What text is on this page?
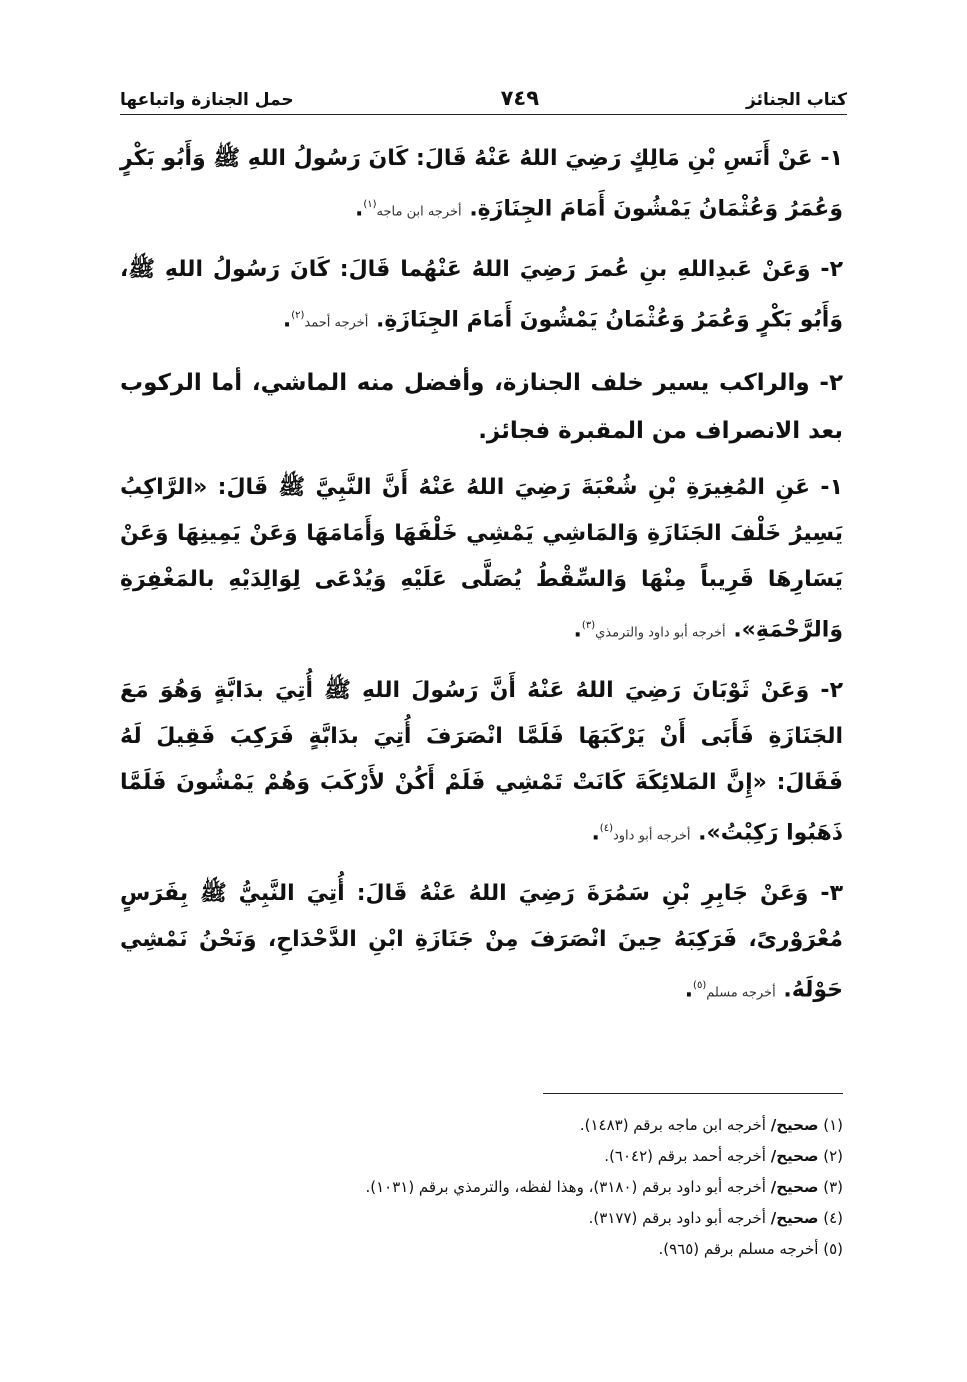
كتاب الجنائز
٧٤٩
حمل الجنازة واتباعها

١- عَنْ أَنَسِ بْنِ مَالِكٍ رَضِيَ اللهُ عَنْهُ قَالَ: كَانَ رَسُولُ اللهِ ﷺ وَأَبُو بَكْرٍ وَعُمَرُ وَعُثْمَانُ يَمْشُونَ أَمَامَ الجِنَازَةِ. أخرجه ابن ماجه$^{(١)}$.

٢- وَعَنْ عَبدِاللهِ بنِ عُمرَ رَضِيَ اللهُ عَنْهُما قَالَ: كَانَ رَسُولُ اللهِ ﷺ، وَأَبُو بَكْرٍ وَعُمَرُ وَعُثْمَانُ يَمْشُونَ أَمَامَ الجِنَازَةِ. أخرجه أحمد$^{(٢)}$.

٢- والراكب يسير خلف الجنازة، وأفضل منه الماشي، أما الركوب بعد الانصراف من المقبرة فجائز.

١- عَنِ المُغِيرَةِ بْنِ شُعْبَةَ رَضِيَ اللهُ عَنْهُ أَنَّ النَّبِيَّ ﷺ قَالَ: «الرَّاكِبُ يَسِيرُ خَلْفَ الجَنَازَةِ وَالمَاشِي يَمْشِي خَلْفَهَا وَأَمَامَهَا وَعَنْ يَمِينِهَا وَعَنْ يَسَارِهَا قَرِيباً مِنْهَا وَالسِّقْطُ يُصَلَّى عَلَيْهِ وَيُدْعَى لِوَالِدَيْهِ بالمَغْفِرَةِ وَالرَّحْمَةِ». أخرجه أبو داود والترمذي$^{(٣)}$.

٢- وَعَنْ ثَوْبَانَ رَضِيَ اللهُ عَنْهُ أَنَّ رَسُولَ اللهِ ﷺ أُتِيَ بدَابَّةٍ وَهُوَ مَعَ الجَنَازَةِ فَأَبَى أَنْ يَرْكَبَهَا فَلَمَّا انْصَرَفَ أُتِيَ بدَابَّةٍ فَرَكِبَ فَقِيلَ لَهُ فَقَالَ: «إِنَّ المَلائِكَةَ كَانَتْ تَمْشِي فَلَمْ أَكُنْ لأَرْكَبَ وَهُمْ يَمْشُونَ فَلَمَّا ذَهَبُوا رَكِبْتُ». أخرجه أبو داود$^{(٤)}$.

٣- وَعَنْ جَابِرِ بْنِ سَمُرَةَ رَضِيَ اللهُ عَنْهُ قَالَ: أُتِيَ النَّبِيُّ ﷺ بِفَرَسٍ مُعْرَوْرىً، فَرَكِبَهُ حِينَ انْصَرَفَ مِنْ جَنَازَةِ ابْنِ الدَّحْدَاحِ، وَنَحْنُ نَمْشِي حَوْلَهُ. أخرجه مسلم$^{(٥)}$.

(١) صحيح/ أخرجه ابن ماجه برقم (١٤٨٣).
(٢) صحيح/ أخرجه أحمد برقم (٦٠٤٢).
(٣) صحيح/ أخرجه أبو داود برقم (٣١٨٠)، وهذا لفظه، والترمذي برقم (١٠٣١).
(٤) صحيح/ أخرجه أبو داود برقم (٣١٧٧).
(٥) أخرجه مسلم برقم (٩٦٥).
